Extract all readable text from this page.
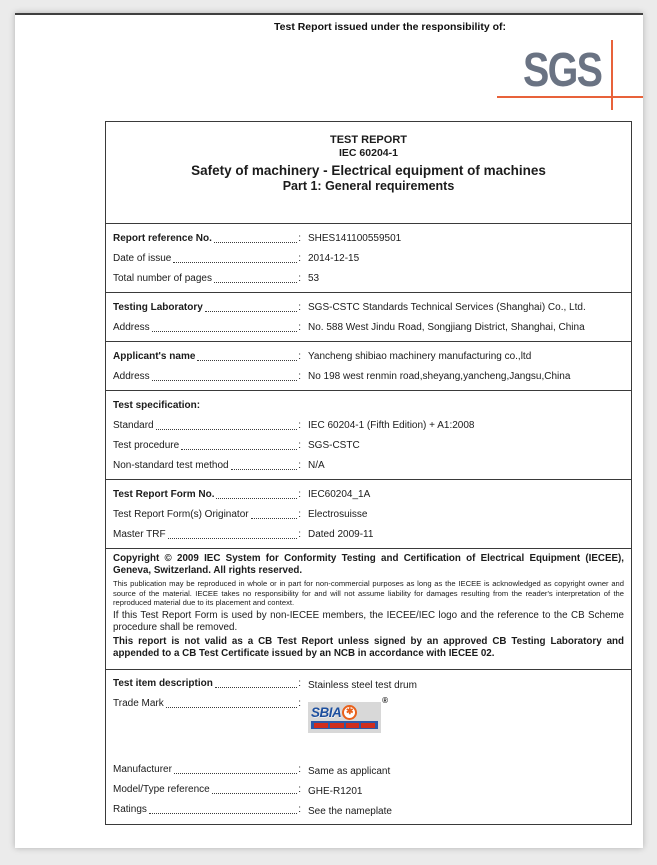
Test Report issued under the responsibility of:
SGS
TEST REPORT
IEC 60204-1
Safety of machinery - Electrical equipment of machines
Part 1: General requirements
Report reference No.	: SHES141100559501
Date of issue	: 2014-12-15
Total number of pages	: 53
Testing Laboratory	: SGS-CSTC Standards Technical Services (Shanghai) Co., Ltd.
Address	: No. 588 West Jindu Road, Songjiang District, Shanghai, China
Applicant's name	: Yancheng shibiao machinery manufacturing co.,ltd
Address	: No 198 west renmin road,sheyang,yancheng,Jangsu,China
Test specification:
Standard	: IEC 60204-1 (Fifth Edition) + A1:2008
Test procedure	: SGS-CSTC
Non-standard test method	: N/A
Test Report Form No.	: IEC60204_1A
Test Report Form(s) Originator	: Electrosuisse
Master TRF	: Dated 2009-11

Copyright © 2009 IEC System for Conformity Testing and Certification of Electrical Equipment (IECEE), Geneva, Switzerland. All rights reserved.

This publication may be reproduced in whole or in part for non-commercial purposes as long as the IECEE is acknowledged as copyright owner and source of the material. IECEE takes no responsibility for and will not assume liability for damages resulting from the reader's interpretation of the reproduced material due to its placement and context.

If this Test Report Form is used by non-IECEE members, the IECEE/IEC logo and the reference to the CB Scheme procedure shall be removed.

This report is not valid as a CB Test Report unless signed by an approved CB Testing Laboratory and appended to a CB Test Certificate issued by an NCB in accordance with IECEE 02.

Test item description	: Stainless steel test drum
Trade Mark	:	®
SBIA
✱
Manufacturer	: Same as applicant
Model/Type reference	: GHE-R1201
Ratings	: See the nameplate
